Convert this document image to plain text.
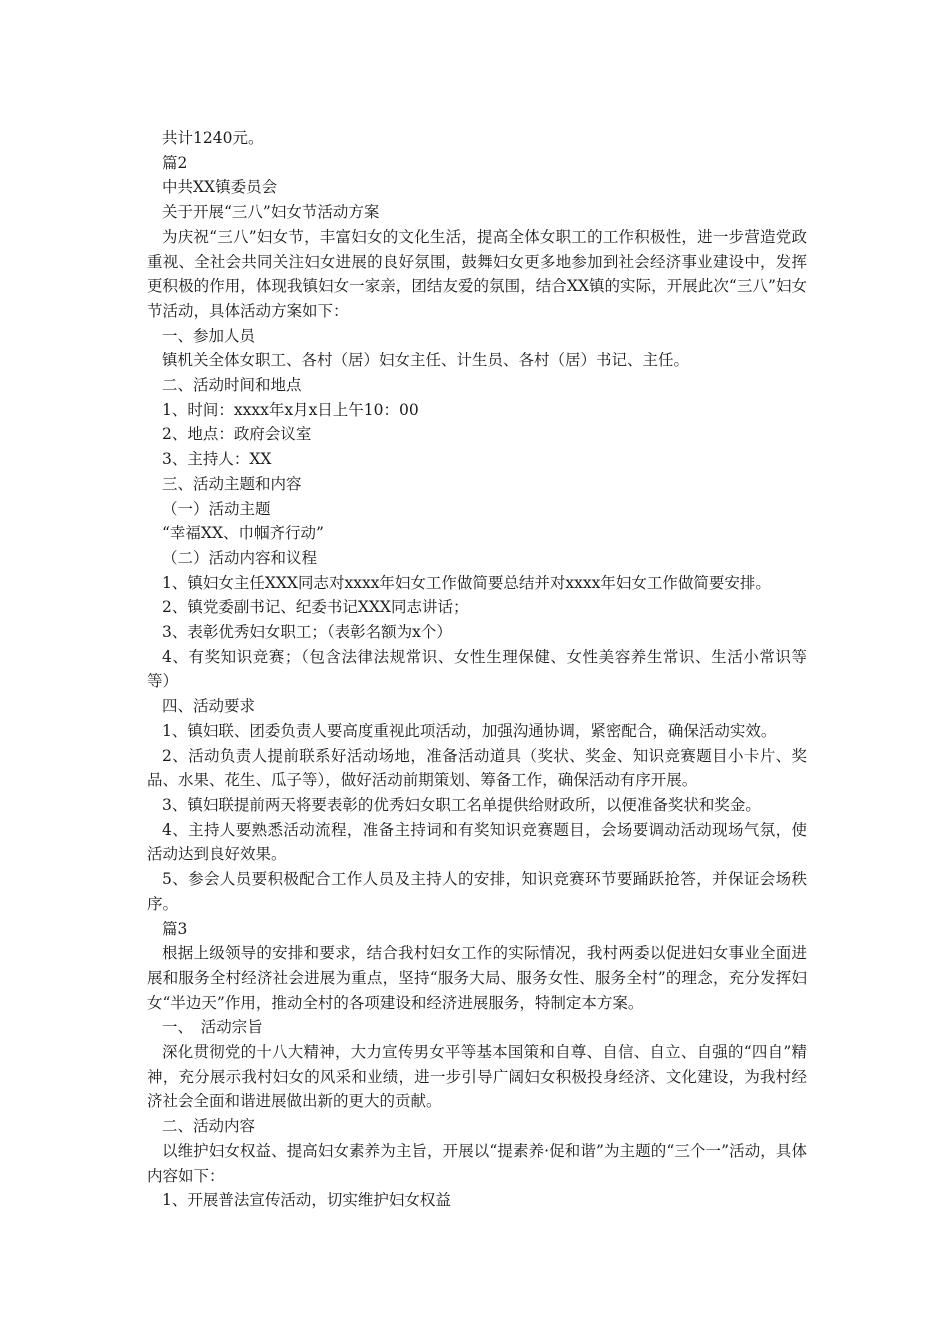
共计1240元。

篇2

中共XX镇委员会

关于开展“三八”妇女节活动方案

为庆祝“三八”妇女节，丰富妇女的文化生活，提高全体女职工的工作积极性，进一步营造党政重视、全社会共同关注妇女进展的良好氛围，鼓舞妇女更多地参加到社会经济事业建设中，发挥更积极的作用，体现我镇妇女一家亲，团结友爱的氛围，结合XX镇的实际，开展此次“三八”妇女节活动，具体活动方案如下：

一、参加人员

镇机关全体女职工、各村（居）妇女主任、计生员、各村（居）书记、主任。

二、活动时间和地点

1、时间：xxxx年x月x日上午10：00

2、地点：政府会议室

3、主持人：XX

三、活动主题和内容

（一）活动主题

“幸福XX、巾帼齐行动”

（二）活动内容和议程

1、镇妇女主任XXX同志对xxxx年妇女工作做简要总结并对xxxx年妇女工作做简要安排。

2、镇党委副书记、纪委书记XXX同志讲话；

3、表彰优秀妇女职工；（表彰名额为x个）

4、有奖知识竞赛；（包含法律法规常识、女性生理保健、女性美容养生常识、生活小常识等等）

四、活动要求

1、镇妇联、团委负责人要高度重视此项活动，加强沟通协调，紧密配合，确保活动实效。

2、活动负责人提前联系好活动场地，准备活动道具（奖状、奖金、知识竞赛题目小卡片、奖品、水果、花生、瓜子等），做好活动前期策划、筹备工作，确保活动有序开展。

3、镇妇联提前两天将要表彰的优秀妇女职工名单提供给财政所，以便准备奖状和奖金。

4、主持人要熟悉活动流程，准备主持词和有奖知识竞赛题目，会场要调动活动现场气氛，使活动达到良好效果。

5、参会人员要积极配合工作人员及主持人的安排，知识竞赛环节要踊跃抢答，并保证会场秩序。

篇3

根据上级领导的安排和要求，结合我村妇女工作的实际情况，我村两委以促进妇女事业全面进展和服务全村经济社会进展为重点，坚持“服务大局、服务女性、服务全村”的理念，充分发挥妇女“半边天”作用，推动全村的各项建设和经济进展服务，特制定本方案。

一、　活动宗旨

深化贯彻党的十八大精神，大力宣传男女平等基本国策和自尊、自信、自立、自强的“四自”精神，充分展示我村妇女的风采和业绩，进一步引导广阔妇女积极投身经济、文化建设，为我村经济社会全面和谐进展做出新的更大的贡献。

二、活动内容

以维护妇女权益、提高妇女素养为主旨，开展以“提素养·促和谐”为主题的“三个一”活动，具体内容如下：

1、开展普法宣传活动，切实维护妇女权益
